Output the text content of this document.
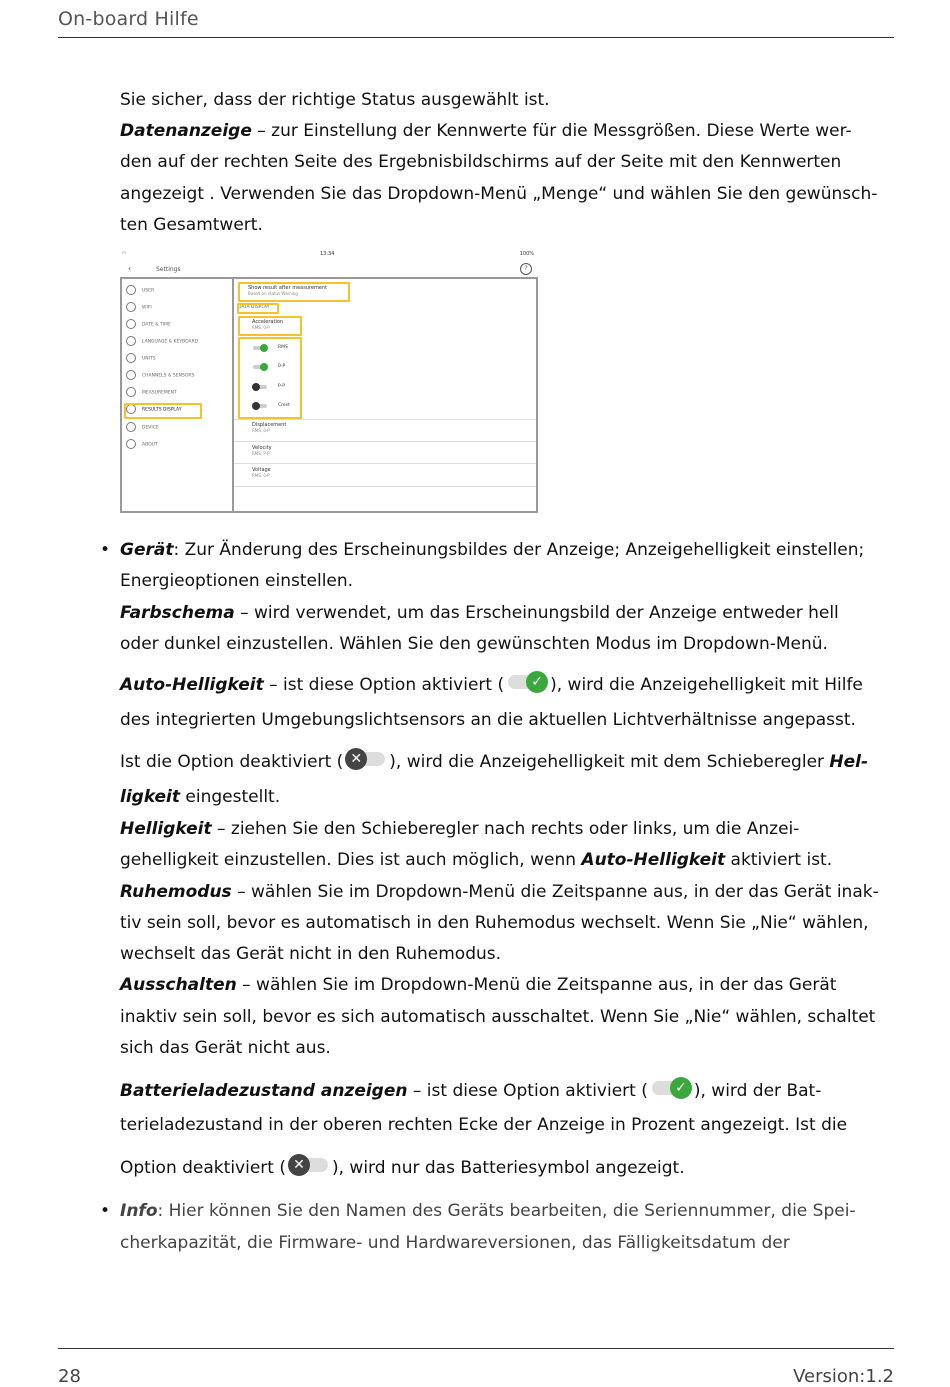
On-board Hilfe
Sie sicher, dass der richtige Status ausgewählt ist.
Datenanzeige – zur Einstellung der Kennwerte für die Messgrößen. Diese Werte wer-
den auf der rechten Seite des Ergebnisbildschirms auf der Seite mit den Kennwerten
angezeigt . Verwenden Sie das Dropdown-Menü „Menge“ und wählen Sie den gewünsch-
ten Gesamtwert.
◠	13:34	100%
‹	Settings	?
USER
WIFI
DATE & TIME
LANGUAGE & KEYBOARD
UNITS
CHANNELS & SENSORS
MEASUREMENT
RESULTS DISPLAY
DEVICE
ABOUT
Show result after measurement
Based on status Warning
DATA DISPLAY
Acceleration
RMS, 0-P
RMS
0-P
P-P
Crest
Displacement
RMS, 0-P
Velocity
RMS, P-P
Voltage
RMS, 0-P
• Gerät: Zur Änderung des Erscheinungsbildes der Anzeige; Anzeigehelligkeit einstellen;
Energieoptionen einstellen.
Farbschema – wird verwendet, um das Erscheinungsbild der Anzeige entweder hell
oder dunkel einzustellen. Wählen Sie den gewünschten Modus im Dropdown-Menü.
Auto-Helligkeit – ist diese Option aktiviert (	✓ ), wird die Anzeigehelligkeit mit Hilfe
des integrierten Umgebungslichtsensors an die aktuellen Lichtverhältnisse angepasst.
Ist die Option deaktiviert ( ✕	), wird die Anzeigehelligkeit mit dem Schieberegler Hel-
ligkeit eingestellt.
Helligkeit – ziehen Sie den Schieberegler nach rechts oder links, um die Anzei-
gehelligkeit einzustellen. Dies ist auch möglich, wenn Auto-Helligkeit aktiviert ist.
Ruhemodus – wählen Sie im Dropdown-Menü die Zeitspanne aus, in der das Gerät inak-
tiv sein soll, bevor es automatisch in den Ruhemodus wechselt. Wenn Sie „Nie“ wählen,
wechselt das Gerät nicht in den Ruhemodus.
Ausschalten – wählen Sie im Dropdown-Menü die Zeitspanne aus, in der das Gerät
inaktiv sein soll, bevor es sich automatisch ausschaltet. Wenn Sie „Nie“ wählen, schaltet
sich das Gerät nicht aus.
Batterieladezustand anzeigen – ist diese Option aktiviert (	✓ ), wird der Bat-
terieladezustand in der oberen rechten Ecke der Anzeige in Prozent angezeigt. Ist die
Option deaktiviert ( ✕	), wird nur das Batteriesymbol angezeigt.
• Info: Hier können Sie den Namen des Geräts bearbeiten, die Seriennummer, die Spei-
cherkapazität, die Firmware- und Hardwareversionen, das Fälligkeitsdatum der
28	Version:1.2
